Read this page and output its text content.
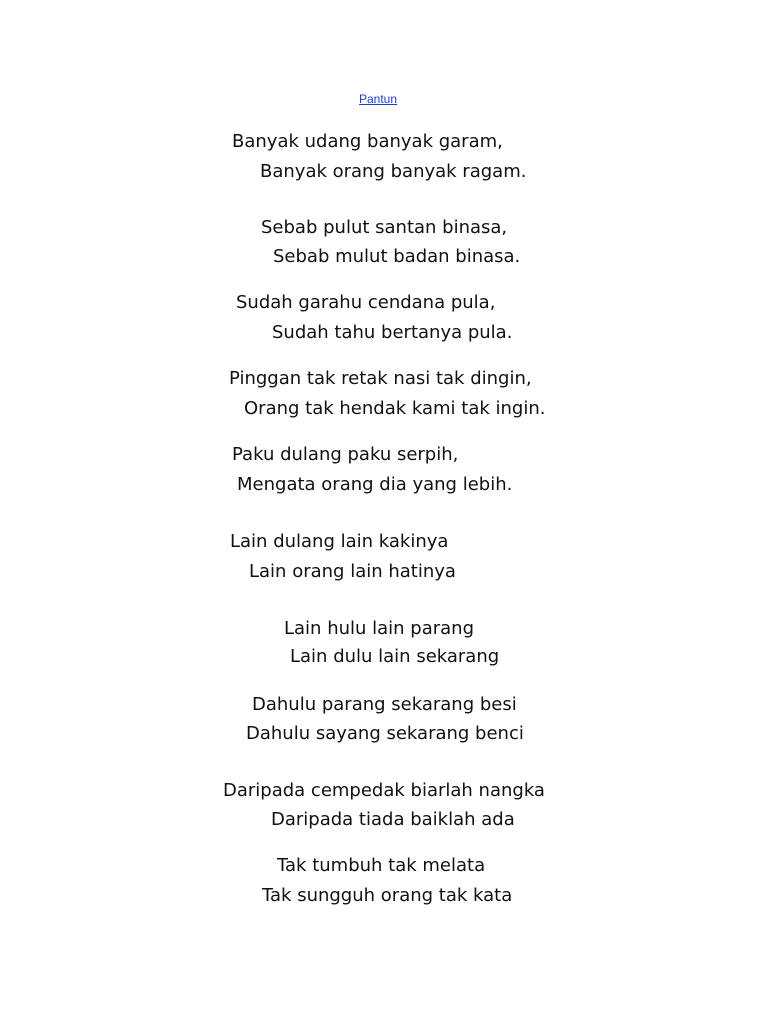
Pantun
Banyak udang banyak garam,
Banyak orang banyak ragam.
Sebab pulut santan binasa,
Sebab mulut badan binasa.
Sudah garahu cendana pula,
Sudah tahu bertanya pula.
Pinggan tak retak nasi tak dingin,
Orang tak hendak kami tak ingin.
Paku dulang paku serpih,
Mengata orang dia yang lebih.
Lain dulang lain kakinya
Lain orang lain hatinya
Lain hulu lain parang
Lain dulu lain sekarang
Dahulu parang sekarang besi
Dahulu sayang sekarang benci
Daripada cempedak biarlah nangka
Daripada tiada baiklah ada
Tak tumbuh tak melata
Tak sungguh orang tak kata
